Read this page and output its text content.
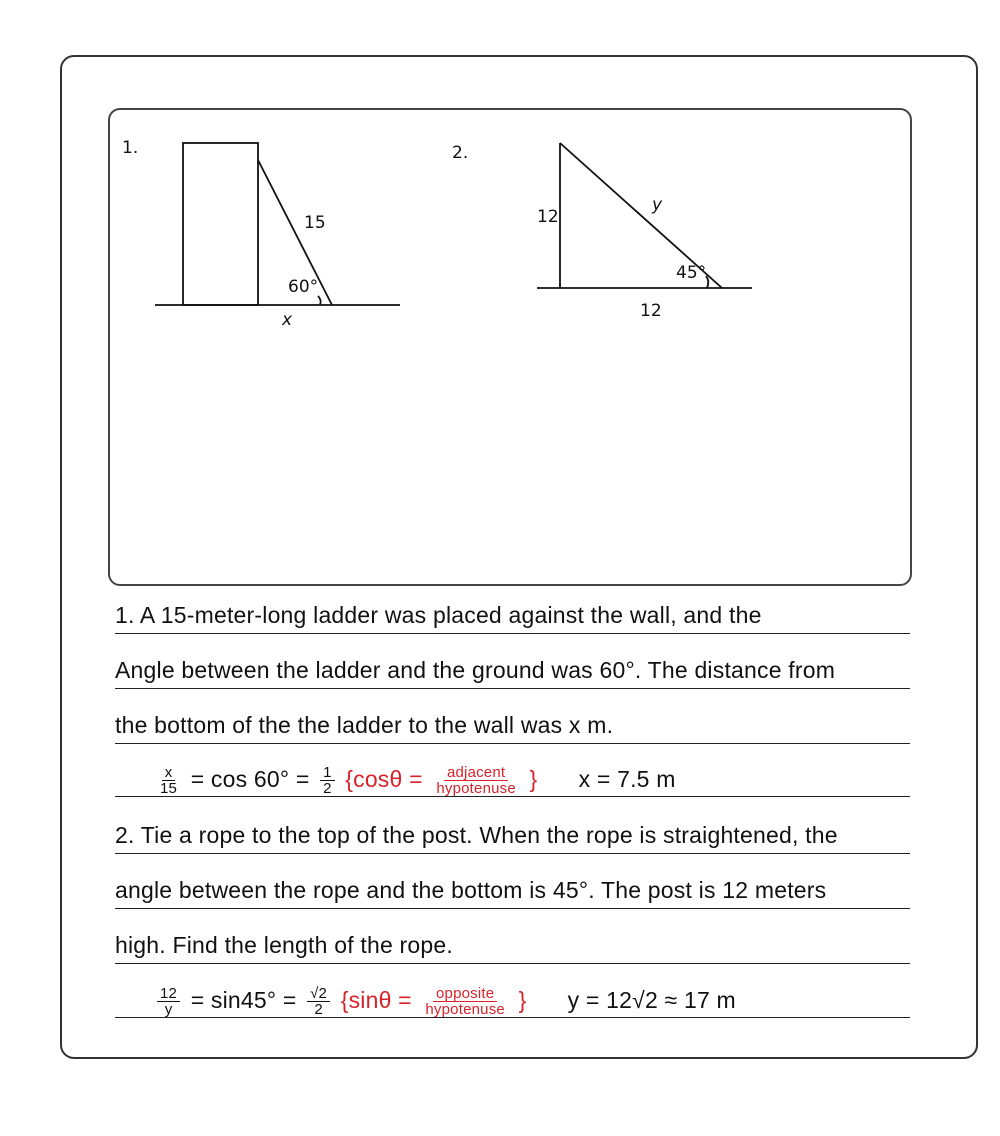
1.
15
60°
x
2.
12
y
45°
12
1. A 15-meter-long ladder was placed against the wall, and the
Angle between the ladder and the ground was 60°. The distance from
the bottom of the the ladder to the wall was x m.
$\frac{x}{15} = \cos 60^\circ = \frac{1}{2} \{\cos\theta = \frac{\text{adjacent}}{\text{hypotenuse}}$ } x = 7.5 m
2. Tie a rope to the top of the post. When the rope is straightened, the
angle between the rope and the bottom is 45°. The post is 12 meters
high. Find the length of the rope.
$\frac{12}{y} = \sin 45^\circ = \frac{√2}{2} \{\sin\theta = \frac{\text{opposite}}{\text{hypotenuse}}$ } y = 12√2 ≈ 17 m
